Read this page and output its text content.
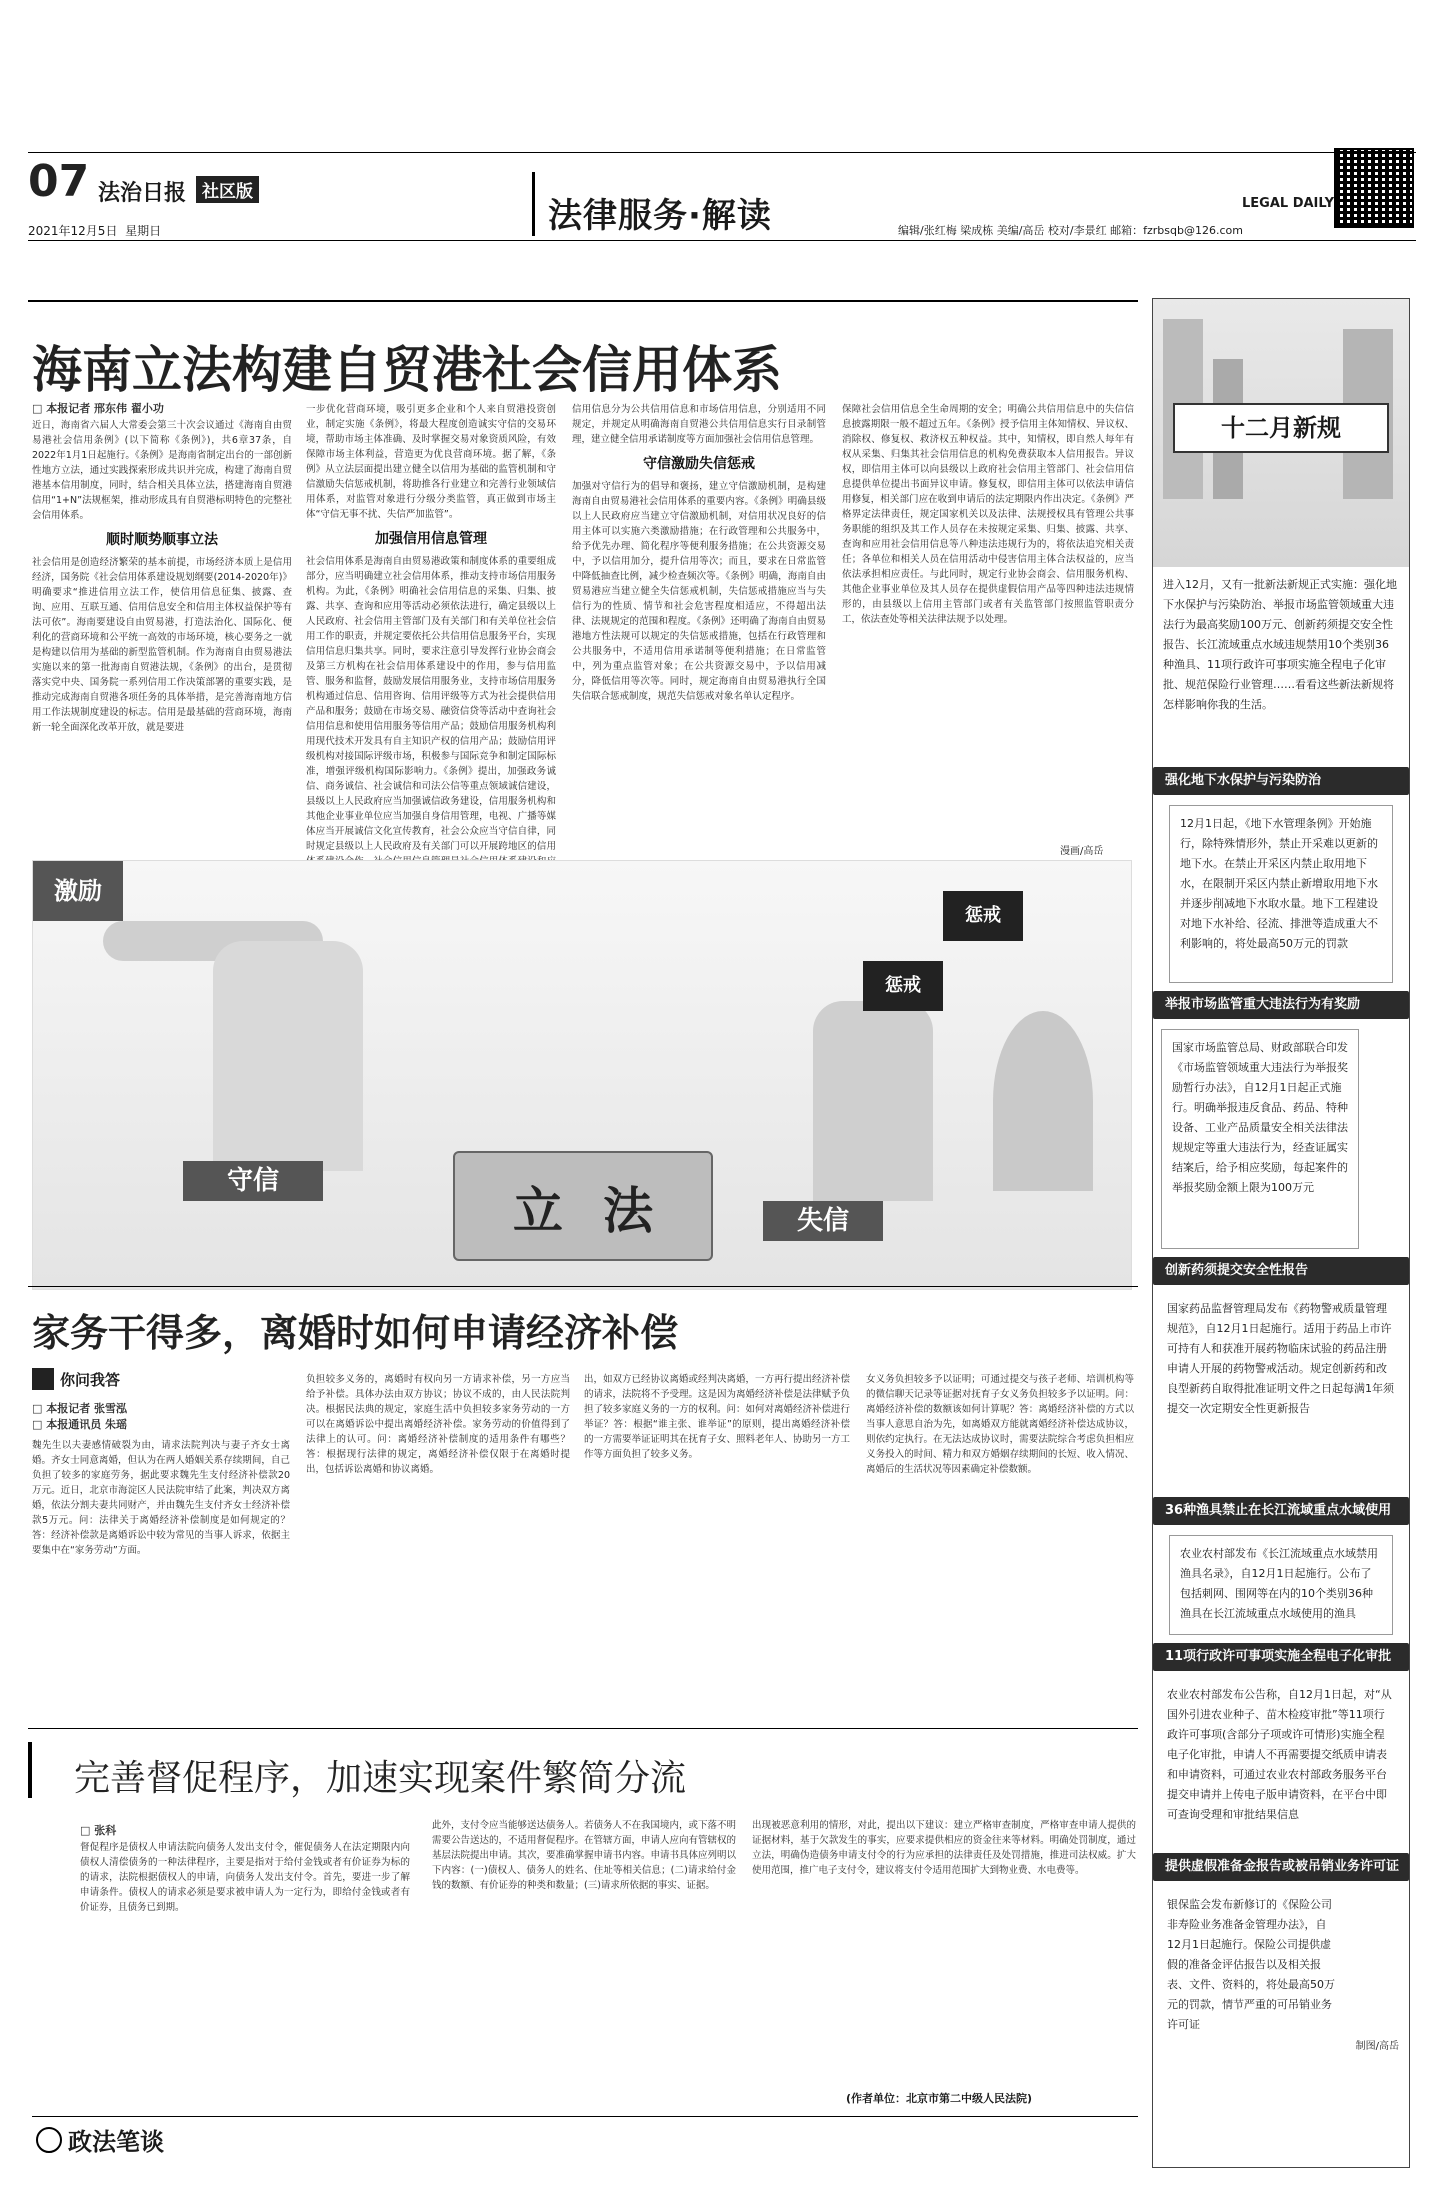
07 法治日报 社区版
2021年12月5日 星期日	法律服务·解读	LEGAL DAILY
编辑/张红梅 梁成栋 美编/高岳 校对/李景红 邮箱：fzrbsqb@126.com
海南立法构建自贸港社会信用体系
□ 本报记者 邢东伟 翟小功

近日，海南省六届人大常委会第三十次会议通过《海南自由贸易港社会信用条例》(以下简称《条例》)，共6章37条，自2022年1月1日起施行。《条例》是海南省制定出台的一部创新性地方立法，通过实践探索形成共识并完成，构建了海南自贸港基本信用制度，同时，结合相关具体立法，搭建海南自贸港信用“1+N”法规框架，推动形成具有自贸港标明特色的完整社会信用体系。

顺时顺势顺事立法

社会信用是创造经济繁荣的基本前提，市场经济本质上是信用经济，国务院《社会信用体系建设规划纲要(2014-2020年)》明确要求“推进信用立法工作，使信用信息征集、披露、查询、应用、互联互通、信用信息安全和信用主体权益保护等有法可依”。海南要建设自由贸易港，打造法治化、国际化、便利化的营商环境和公平统一高效的市场环境，核心要务之一就是构建以信用为基础的新型监管机制。作为海南自由贸易港法实施以来的第一批海南自贸港法规，《条例》的出台，是贯彻落实党中央、国务院一系列信用工作决策部署的重要实践，是推动完成海南自贸港各项任务的具体举措，是完善海南地方信用工作法规制度建设的标志。信用是最基础的营商环境，海南新一轮全面深化改革开放，就是要进

一步优化营商环境，吸引更多企业和个人来自贸港投资创业，制定实施《条例》，将最大程度创造诚实守信的交易环境，帮助市场主体准确、及时掌握交易对象资质风险，有效保障市场主体利益，营造更为优良营商环境。据了解，《条例》从立法层面提出建立健全以信用为基础的监管机制和守信激励失信惩戒机制，将助推各行业建立和完善行业领域信用体系，对监管对象进行分级分类监管，真正做到市场主体“守信无事不扰、失信严加监管”。

加强信用信息管理

社会信用体系是海南自由贸易港政策和制度体系的重要组成部分，应当明确建立社会信用体系，推动支持市场信用服务机构。为此，《条例》明确社会信用信息的采集、归集、披露、共享、查询和应用等活动必须依法进行，确定县级以上人民政府、社会信用主管部门及有关部门和有关单位社会信用工作的职责，并规定要依托公共信用信息服务平台，实现信用信息归集共享。同时，要求注意引导发挥行业协会商会及第三方机构在社会信用体系建设中的作用，参与信用监管、服务和监督，鼓励发展信用服务业，支持市场信用服务机构通过信息、信用咨询、信用评级等方式为社会提供信用产品和服务；鼓励在市场交易、融资信贷等活动中查询社会信用信息和使用信用服务等信用产品；鼓励信用服务机构利用现代技术开发具有自主知识产权的信用产品；鼓励信用评级机构对接国际评级市场，积极参与国际竞争和制定国际标准，增强评级机构国际影响力。《条例》提出，加强政务诚信、商务诚信、社会诚信和司法公信等重点领域诚信建设，县级以上人民政府应当加强诚信政务建设，信用服务机构和其他企业事业单位应当加强自身信用管理，电视、广播等媒体应当开展诚信文化宣传教育，社会公众应当守信自律，同时规定县级以上人民政府及有关部门可以开展跨地区的信用

信用信息分为公共信用信息和市场信用信息，分别适用不同规定，并规定从明确海南自贸港公共信用信息实行目录制管理，建立健全信用承诺制度等方面加强社会信用信息管理。

守信激励失信惩戒

加强对守信行为的倡导和褒扬，建立守信激励机制，是构建海南自由贸易港社会信用体系的重要内容。《条例》明确县级以上人民政府应当建立守信激励机制，对信用状况良好的信用主体可以实施六类激励措施；在行政管理和公共服务中，给予优先办理、简化程序等便利服务措施；在公共资源交易中，予以信用加分，提升信用等次；而且，要求在日常监管中降低抽查比例，减少检查频次等。《条例》明确，海南自由贸易港应当建立健全失信惩戒机制，失信惩戒措施应当与失信行为的性质、情节和社会危害程度相适应，不得超出法律、法规规定的范围和程度。《条例》还明确了海南自由贸易港地方性法规可以规定的失信惩戒措施，包括在行政管理和公共服务中，不适用信用承诺制等便利措施；在日常监管中，列为重点监管对象；在公共资源交易中，予以信用减分，降低信用等次等。同时，规定海南自由贸易港执行全国失信联合惩戒制度，规范失信惩戒对象名单认定程序。

保障社会信用信息全生命周期的安全；明确公共信用信息中的失信信息披露期限一般不超过五年。《条例》授予信用主体知情权、异议权、消除权、修复权、救济权五种权益。其中，知情权，即自然人每年有权从采集、归集其社会信用信息的机构免费获取本人信用报告。异议权，即信用主体可以向县级以上政府社会信用主管部门、社会信用信息提供单位提出书面异议申请。修复权，即信用主体可以依法申请信用修复，相关部门应在收到申请后的法定期限内作出决定。《条例》严格界定法律责任，规定国家机关以及法律、法规授权具有管理公共事务职能的组织及其工作人员存在未按规定采集、归集、披露、共享、查询和应用社会信用信息等八种违法违规行为的，将依法追究相关责任；各单位和相关人员在信用活动中侵害信用主体合法权益的，应当依法承担相应责任。与此同时，规定行业协会商会、信用服务机构、其他企业事业单位及其人员存在提供虚假信用产品等四种违法违规情形的，由县级以上信用主管部门或者有关监管部门按照监管职责分工，依法查处等相关法律法规予以处理。

漫画/高岳
激励
守信
立法
惩戒
惩戒
失信
家务干得多，离婚时如何申请经济补偿
你问我答
□ 本报记者 张雪泓
□ 本报通讯员 朱瑶

魏先生以夫妻感情破裂为由，请求法院判决与妻子齐女士离婚。齐女士同意离婚，但认为在两人婚姻关系存续期间，自己负担了较多的家庭劳务，据此要求魏先生支付经济补偿款20万元。近日，北京市海淀区人民法院审结了此案，判决双方离婚，依法分割夫妻共同财产，并由魏先生支付齐女士经济补偿款5万元。问：法律关于离婚经济补偿制度是如何规定的？答：经济补偿款是离婚诉讼中较为常见的当事人诉求，依据主要集中在“家务劳动”方面。

负担较多义务的，离婚时有权向另一方请求补偿，另一方应当给予补偿。具体办法由双方协议；协议不成的，由人民法院判决。根据民法典的规定，家庭生活中负担较多家务劳动的一方可以在离婚诉讼中提出离婚经济补偿。家务劳动的价值得到了法律上的认可。问：离婚经济补偿制度的适用条件有哪些？答：根据现行法律的规定，离婚经济补偿仅限于在离婚时提出，包括诉讼离婚和协议离婚。

出，如双方已经协议离婚或经判决离婚，一方再行提出经济补偿的请求，法院将不予受理。这是因为离婚经济补偿是法律赋予负担了较多家庭义务的一方的权利。问：如何对离婚经济补偿进行举证？答：根据“谁主张、谁举证”的原则，提出离婚经济补偿的一方需要举证证明其在抚育子女、照料老年人、协助另一方工作等方面负担了较多义务。

女义务负担较多予以证明；可通过提交与孩子老师、培训机构等的微信聊天记录等证据对抚育子女义务负担较多予以证明。问：离婚经济补偿的数额该如何计算呢？答：离婚经济补偿的方式以当事人意思自治为先，如离婚双方能就离婚经济补偿达成协议，则依约定执行。在无法达成协议时，需要法院综合考虑负担相应义务投入的时间、精力和双方婚姻存续期间的长短、收入情况、离婚后的生活状况等因素确定补偿数额。

完善督促程序，加速实现案件繁简分流
□ 张科

督促程序是债权人申请法院向债务人发出支付令，催促债务人在法定期限内向债权人清偿债务的一种法律程序，主要是指对于给付金钱或者有价证券为标的的请求，法院根据债权人的申请，向债务人发出支付令。首先，要进一步了解申请条件。债权人的请求必须是要求被申请人为一定行为，即给付金钱或者有价证券，且债务已到期。

此外，支付令应当能够送达债务人。若债务人不在我国境内，或下落不明需要公告送达的，不适用督促程序。在管辖方面，申请人应向有管辖权的基层法院提出申请。其次，要准确掌握申请书内容。申请书具体应列明以下内容：(一)债权人、债务人的姓名、住址等相关信息；(二)请求给付金钱的数额、有价证券的种类和数量；(三)请求所依据的事实、证据。

出现被恶意利用的情形，对此，提出以下建议：建立严格审查制度，严格审查申请人提供的证据材料，基于欠款发生的事实，应要求提供相应的资金往来等材料。明确处罚制度，通过立法，明确伪造债务申请支付令的行为应承担的法律责任及处罚措施，推进司法权威。扩大使用范围，推广电子支付令，建议将支付令适用范围扩大到物业费、水电费等。

(作者单位：北京市第二中级人民法院)
政法笔谈
十二月新规
进入12月，又有一批新法新规正式实施：强化地下水保护与污染防治、举报市场监管领域重大违法行为最高奖励100万元、创新药须提交安全性报告、长江流域重点水域违规禁用10个类别36种渔具、11项行政许可事项实施全程电子化审批、规范保险行业管理……看看这些新法新规将怎样影响你我的生活。
强化地下水保护与污染防治
12月1日起，《地下水管理条例》开始施行，除特殊情形外，禁止开采难以更新的地下水。在禁止开采区内禁止取用地下水，在限制开采区内禁止新增取用地下水并逐步削减地下水取水量。地下工程建设对地下水补给、径流、排泄等造成重大不利影响的，将处最高50万元的罚款
举报市场监管重大违法行为有奖励
国家市场监管总局、财政部联合印发《市场监管领域重大违法行为举报奖励暂行办法》，自12月1日起正式施行。明确举报违反食品、药品、特种设备、工业产品质量安全相关法律法规规定等重大违法行为，经查证属实结案后，给予相应奖励，每起案件的举报奖励金额上限为100万元
创新药须提交安全性报告
国家药品监督管理局发布《药物警戒质量管理规范》，自12月1日起施行。适用于药品上市许可持有人和获准开展药物临床试验的药品注册申请人开展的药物警戒活动。规定创新药和改良型新药自取得批准证明文件之日起每满1年须提交一次定期安全性更新报告
36种渔具禁止在长江流域重点水域使用
农业农村部发布《长江流域重点水域禁用渔具名录》，自12月1日起施行。公布了包括刺网、围网等在内的10个类别36种渔具在长江流域重点水域使用的渔具
11项行政许可事项实施全程电子化审批
农业农村部发布公告称，自12月1日起，对“从国外引进农业种子、苗木检疫审批”等11项行政许可事项(含部分子项或许可情形)实施全程电子化审批，申请人不再需要提交纸质申请表和申请资料，可通过农业农村部政务服务平台提交申请并上传电子版申请资料，在平台中即可查询受理和审批结果信息
提供虚假准备金报告或被吊销业务许可证
银保监会发布新修订的《保险公司非寿险业务准备金管理办法》，自12月1日起施行。保险公司提供虚假的准备金评估报告以及相关报表、文件、资料的，将处最高50万元的罚款，情节严重的可吊销业务许可证
制图/高岳
